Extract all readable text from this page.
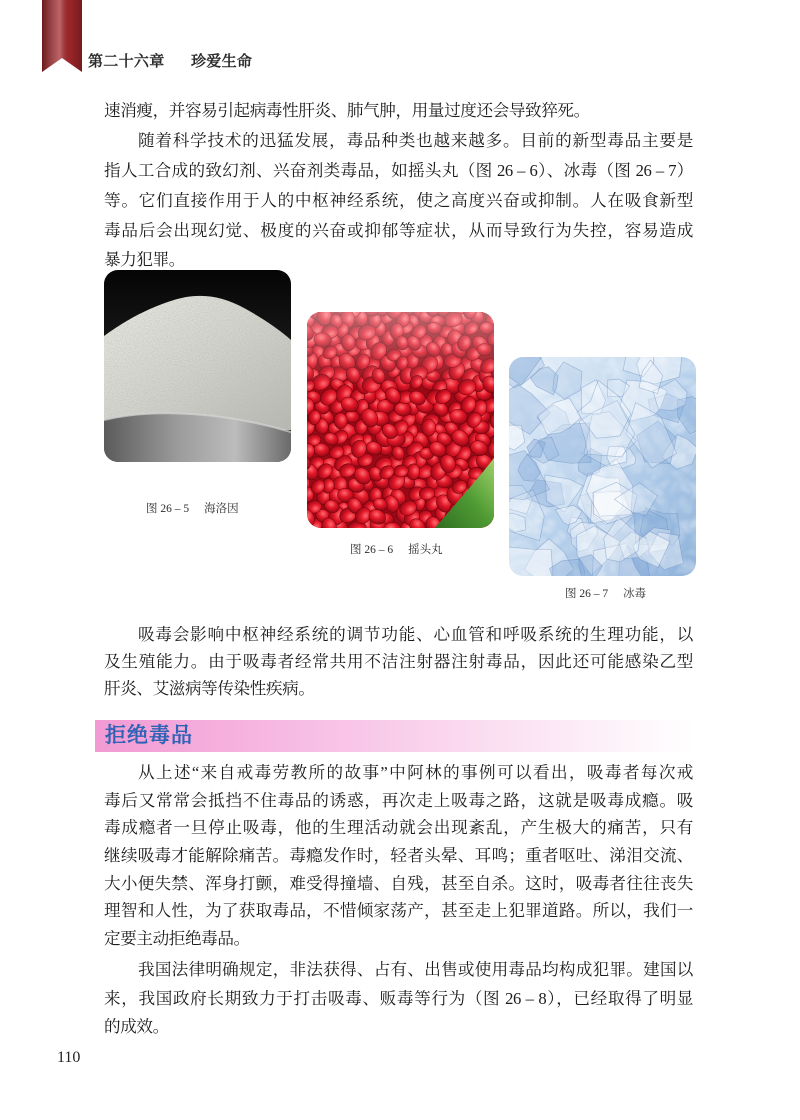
第二十六章 珍爱生命
速消瘦，并容易引起病毒性肝炎、肺气肿，用量过度还会导致猝死。
随着科学技术的迅猛发展，毒品种类也越来越多。目前的新型毒品主要是
指人工合成的致幻剂、兴奋剂类毒品，如摇头丸（图 26 – 6）、冰毒（图 26 – 7）
等。它们直接作用于人的中枢神经系统，使之高度兴奋或抑制。人在吸食新型
毒品后会出现幻觉、极度的兴奋或抑郁等症状，从而导致行为失控，容易造成
暴力犯罪。
图 26 – 5 海洛因
图 26 – 6 摇头丸
图 26 – 7 冰毒
吸毒会影响中枢神经系统的调节功能、心血管和呼吸系统的生理功能，以
及生殖能力。由于吸毒者经常共用不洁注射器注射毒品，因此还可能感染乙型
肝炎、艾滋病等传染性疾病。
拒绝毒品
从上述“来自戒毒劳教所的故事”中阿林的事例可以看出，吸毒者每次戒
毒后又常常会抵挡不住毒品的诱惑，再次走上吸毒之路，这就是吸毒成瘾。吸
毒成瘾者一旦停止吸毒，他的生理活动就会出现紊乱，产生极大的痛苦，只有
继续吸毒才能解除痛苦。毒瘾发作时，轻者头晕、耳鸣；重者呕吐、涕泪交流、
大小便失禁、浑身打颤，难受得撞墙、自残，甚至自杀。这时，吸毒者往往丧失
理智和人性，为了获取毒品，不惜倾家荡产，甚至走上犯罪道路。所以，我们一
定要主动拒绝毒品。
我国法律明确规定，非法获得、占有、出售或使用毒品均构成犯罪。建国以
来，我国政府长期致力于打击吸毒、贩毒等行为（图 26 – 8），已经取得了明显
的成效。
110
